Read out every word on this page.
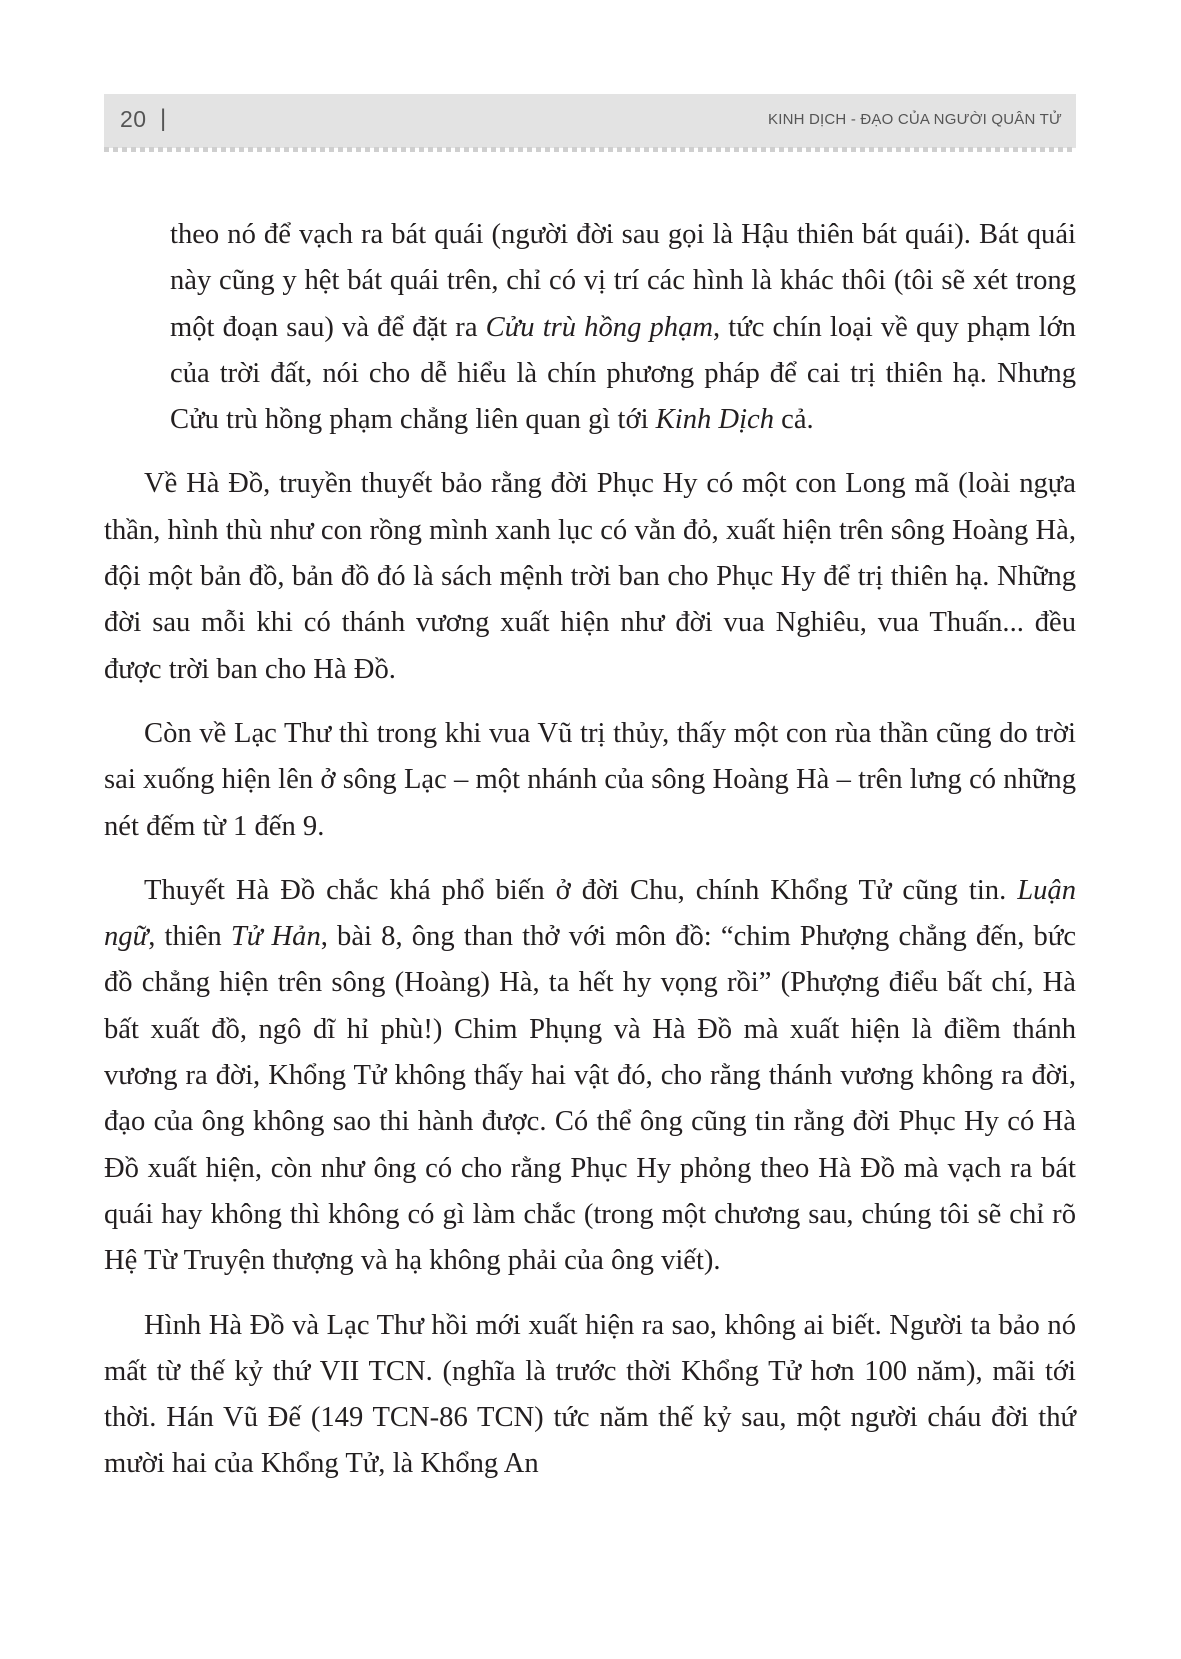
20 |	KINH DỊCH - ĐẠO CỦA NGƯỜI QUÂN TỬ

theo nó để vạch ra bát quái (người đời sau gọi là Hậu thiên bát quái). Bát quái này cũng y hệt bát quái trên, chỉ có vị trí các hình là khác thôi (tôi sẽ xét trong một đoạn sau) và để đặt ra Cửu trù hồng phạm, tức chín loại về quy phạm lớn của trời đất, nói cho dễ hiểu là chín phương pháp để cai trị thiên hạ. Nhưng Cửu trù hồng phạm chẳng liên quan gì tới Kinh Dịch cả.

Về Hà Đồ, truyền thuyết bảo rằng đời Phục Hy có một con Long mã (loài ngựa thần, hình thù như con rồng mình xanh lục có vằn đỏ, xuất hiện trên sông Hoàng Hà, đội một bản đồ, bản đồ đó là sách mệnh trời ban cho Phục Hy để trị thiên hạ. Những đời sau mỗi khi có thánh vương xuất hiện như đời vua Nghiêu, vua Thuấn... đều được trời ban cho Hà Đồ.

Còn về Lạc Thư thì trong khi vua Vũ trị thủy, thấy một con rùa thần cũng do trời sai xuống hiện lên ở sông Lạc – một nhánh của sông Hoàng Hà – trên lưng có những nét đếm từ 1 đến 9.

Thuyết Hà Đồ chắc khá phổ biến ở đời Chu, chính Khổng Tử cũng tin. Luận ngữ, thiên Tử Hản, bài 8, ông than thở với môn đồ: “chim Phượng chẳng đến, bức đồ chẳng hiện trên sông (Hoàng) Hà, ta hết hy vọng rồi” (Phượng điểu bất chí, Hà bất xuất đồ, ngô dĩ hỉ phù!) Chim Phụng và Hà Đồ mà xuất hiện là điềm thánh vương ra đời, Khổng Tử không thấy hai vật đó, cho rằng thánh vương không ra đời, đạo của ông không sao thi hành được. Có thể ông cũng tin rằng đời Phục Hy có Hà Đồ xuất hiện, còn như ông có cho rằng Phục Hy phỏng theo Hà Đồ mà vạch ra bát quái hay không thì không có gì làm chắc (trong một chương sau, chúng tôi sẽ chỉ rõ Hệ Từ Truyện thượng và hạ không phải của ông viết).

Hình Hà Đồ và Lạc Thư hồi mới xuất hiện ra sao, không ai biết. Người ta bảo nó mất từ thế kỷ thứ VII TCN. (nghĩa là trước thời Khổng Tử hơn 100 năm), mãi tới thời. Hán Vũ Đế (149 TCN-86 TCN) tức năm thế kỷ sau, một người cháu đời thứ mười hai của Khổng Tử, là Khổng An
